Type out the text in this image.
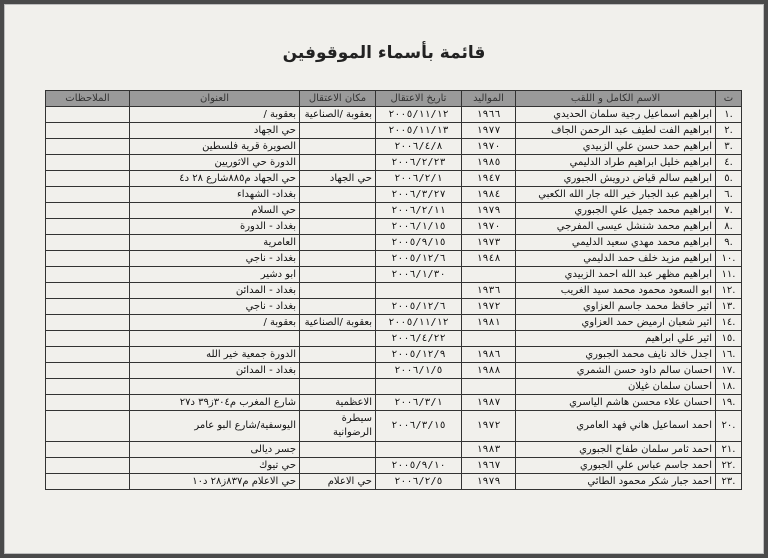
قائمة بأسماء الموقوفين
ت	الاسم الكامل و اللقب	المواليد	تاريخ الاعتقال	مكان الاعتقال	العنوان	الملاحظات
.١	ابراهيم اسماعيل رجية سلمان الحديدي	١٩٦٦	٢٠٠٥/١١/١٢	بعقوبة /الصناعية	بعقوبة /	
.٢	ابراهيم الفت لطيف عبد الرحمن الجاف	١٩٧٧	٢٠٠٥/١١/١٣		حي الجهاد	
.٣	ابراهيم حمد حسن علي الزبيدي	١٩٧٠	٢٠٠٦/٤/٨		الصويرة قرية فلسطين	
.٤	ابراهيم خليل ابراهيم طراد الدليمي	١٩٨٥	٢٠٠٦/٢/٢٣		الدورة حي الاثوريين	
.٥	ابراهيم سالم قياض درويش الجبوري	١٩٤٧	٢٠٠٦/٢/١	حي الجهاد	حي الجهاد م٨٨٥شارع ٢٨ د٤	
.٦	ابراهيم عبد الجبار خير الله جار الله الكعبي	١٩٨٤	٢٠٠٦/٣/٢٧		بغداد- الشهداء	
.٧	ابراهيم محمد جميل علي الجبوري	١٩٧٩	٢٠٠٦/٢/١١		حي السلام	
.٨	ابراهيم محمد شنشل عيسى المفرجي	١٩٧٠	٢٠٠٦/١/١٥		بغداد - الدورة	
.٩	ابراهيم محمد مهدي سعيد الدليمي	١٩٧٣	٢٠٠٥/٩/١٥		العامرية	
.١٠	ابراهيم مزيد خلف حمد الدليمي	١٩٤٨	٢٠٠٥/١٢/٦		بغداد - ناجي	
.١١	ابراهيم مظهر عبد الله احمد الزبيدي		٢٠٠٦/١/٣٠		ابو دشير	
.١٢	ابو السعود محمود محمد سيد الغريب	١٩٣٦			بغداد - المدائن	
.١٣	اثير حافظ محمد جاسم العزاوي	١٩٧٢	٢٠٠٥/١٢/٦		بغداد - ناجي	
.١٤	اثير شعبان ارميض حمد العزاوي	١٩٨١	٢٠٠٥/١١/١٢	بعقوبة /الصناعية	بعقوبة /	
.١٥	اثير علي ابراهيم		٢٠٠٦/٤/٢٢			
.١٦	اجدل خالد نايف محمد الجبوري	١٩٨٦	٢٠٠٥/١٢/٩		الدورة جمعية خير الله	
.١٧	احسان سالم داود حسن الشمري	١٩٨٨	٢٠٠٦/١/٥		بغداد - المدائن	
.١٨	احسان سلمان غيلان					
.١٩	احسان علاء محسن هاشم الياسري	١٩٨٧	٢٠٠٦/٣/١	الاعظمية	شارع المغرب م٣٠٤ز٣٩ د٢٧	
.٢٠	احمد اسماعيل هاني فهد العامري	١٩٧٢	٢٠٠٦/٣/١٥	سيطرة الرضوانية	اليوسفية/شارع البو عامر	
.٢١	احمد ثامر سلمان طفاح الجبوري	١٩٨٣			جسر ديالى	
.٢٢	احمد جاسم عباس علي الجبوري	١٩٦٧	٢٠٠٥/٩/١٠		حي تيوك	
.٢٣	احمد جبار شكر محمود الطائي	١٩٧٩	٢٠٠٦/٢/٥	حي الاعلام	حي الاعلام م٨٣٧ز٢٨ د١٠	
